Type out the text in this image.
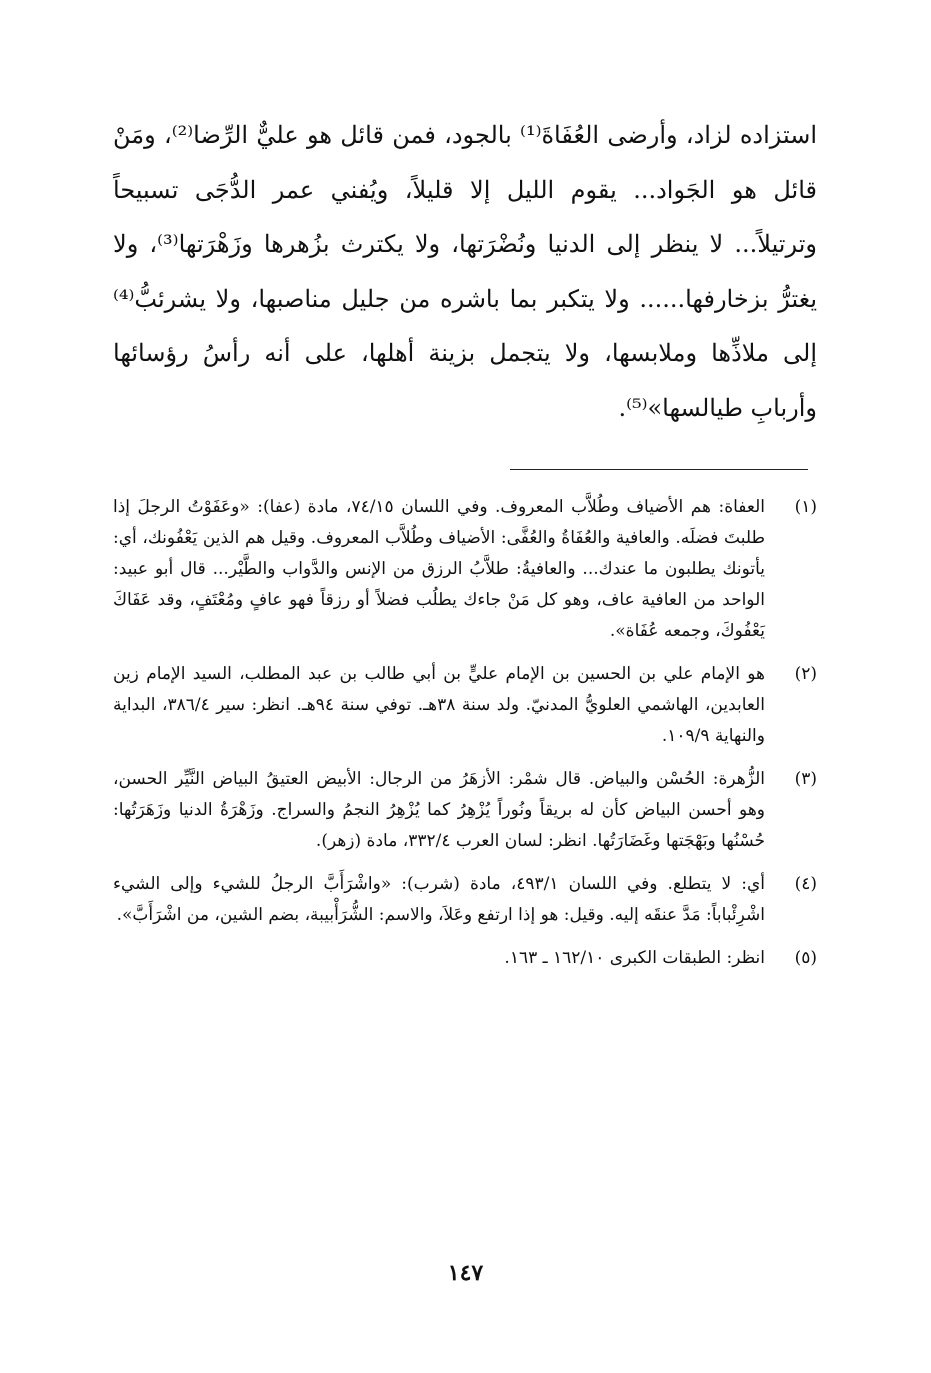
استزاده لزاد، وأرضى العُفَاةَ⁽¹⁾ بالجود، فمن قائل هو عليٌّ الرِّضا⁽²⁾، ومَنْ قائل هو الجَواد... يقوم الليل إلا قليلاً، ويُفني عمر الدُّجَى تسبيحاً وترتيلاً... لا ينظر إلى الدنيا ونُضْرَتها، ولا يكترث بزُهرها وزَهْرَتها⁽³⁾، ولا يغترُّ بزخارفها...... ولا يتكبر بما باشره من جليل مناصبها، ولا يشرئبُّ⁽⁴⁾ إلى ملاذِّها وملابسها، ولا يتجمل بزينة أهلها، على أنه رأسُ رؤسائها وأربابِ طيالسها»⁽⁵⁾.

(١)
العفاة: هم الأضياف وطُلاَّب المعروف. وفي اللسان ٧٤/١٥، مادة (عفا): «وعَفَوْتُ الرجلَ إذا طلبتَ فضلَه. والعافية والعُفَاةُ والعُفَّى: الأضياف وطُلاَّب المعروف. وقيل هم الذين يَعْفُونك، أي: يأتونك يطلبون ما عندك... والعافيةُ: طلاَّبُ الرزق من الإنس والدَّواب والطَّيْر... قال أبو عبيد: الواحد من العافية عاف، وهو كل مَنْ جاءك يطلُب فضلاً أو رزقاً فهو عافٍ ومُعْتَفٍ، وقد عَفَاكَ يَعْفُوكَ، وجمعه عُفَاة».
(٢)
هو الإمام علي بن الحسين بن الإمام عليٍّ بن أبي طالب بن عبد المطلب، السيد الإمام زين العابدين، الهاشمي العلويُّ المدنيّ. ولد سنة ٣٨هـ. توفي سنة ٩٤هـ. انظر: سير ٣٨٦/٤، البداية والنهاية ١٠٩/٩.
(٣)
الزُّهرة: الحُسْن والبياض. قال شمْر: الأزهَرُ من الرجال: الأبيض العتيقُ البياض النَّيِّر الحسن، وهو أحسن البياض كأن له بريقاً ونُوراً يُزْهِرُ كما يُزْهِرُ النجمُ والسراج. وزَهْرَةُ الدنيا وزَهَرَتُها: حُسْنُها وبَهْجَتها وغَضَارَتُها. انظر: لسان العرب ٣٣٢/٤، مادة (زهر).
(٤)
أي: لا يتطلع. وفي اللسان ٤٩٣/١، مادة (شرب): «واشْرَأَبَّ الرجلُ للشيء وإلى الشيء اشْرِئْباباً: مَدَّ عنقَه إليه. وقيل: هو إذا ارتفع وعَلاَ، والاسم: الشُّرَأْبيبة، بضم الشين، من اشْرَأَبَّ».
(٥)
انظر: الطبقات الكبرى ١٦٢/١٠ ـ ١٦٣.
١٤٧
